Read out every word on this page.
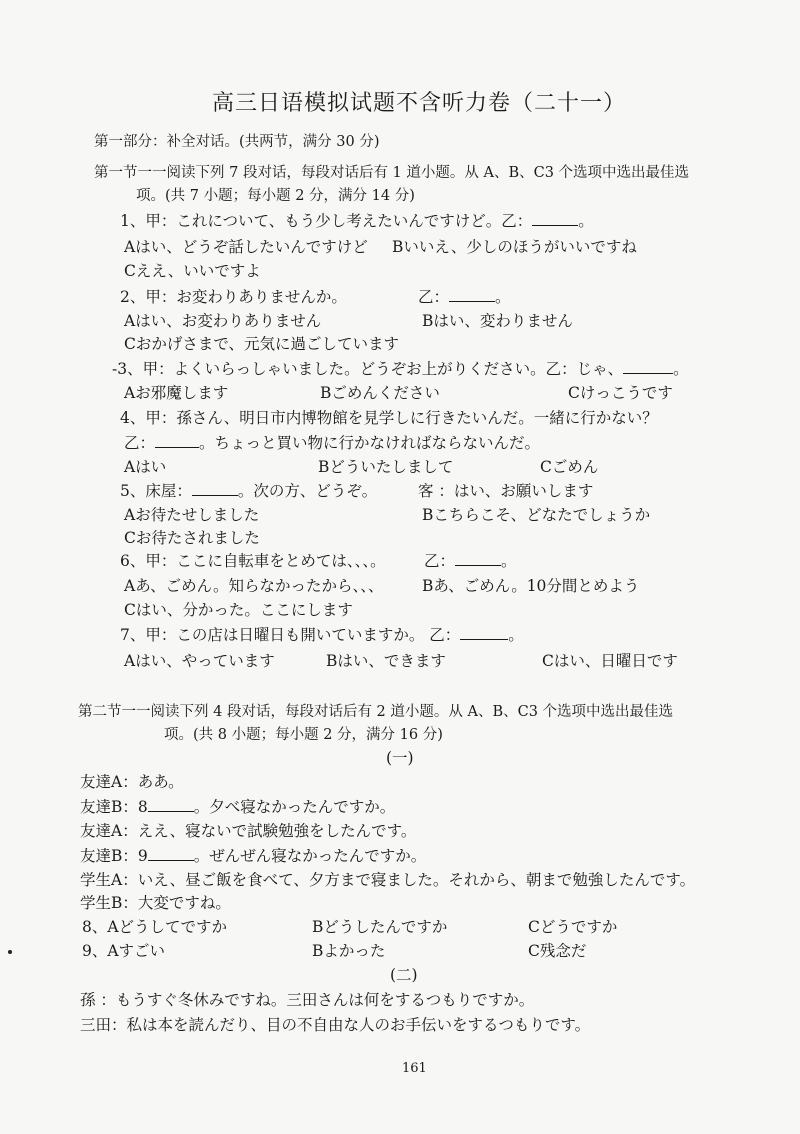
高三日语模拟试题不含听力卷（二十一）
第一部分：补全对话。(共两节，满分 30 分)
第一节一一阅读下列 7 段对话，每段对话后有 1 道小题。从 A、B、C3 个选项中选出最佳选
项。(共 7 小题；每小题 2 分，满分 14 分)
1、甲：これについて、もう少し考えたいんですけど。乙：	。
Aはい、どうぞ話したいんですけど Bいいえ、少しのほうがいいですね
Cええ、いいですよ
2、甲：お変わりありませんか。	乙：	。
Aはい、お変わりありません	Bはい、変わりません
Cおかげさまで、元気に過ごしています
-3、甲：よくいらっしゃいました。どうぞお上がりください。乙：じゃ、	。
Aお邪魔します	Bごめんください	Cけっこうです
4、甲：孫さん、明日市内博物館を見学しに行きたいんだ。一緒に行かない？
乙：	。ちょっと買い物に行かなければならないんだ。
Aはい	Bどういたしまして	Cごめん
5、床屋：	。次の方、どうぞ。	客 ：はい、お願いします
Aお待たせしました	Bこちらこそ、どなたでしょうか
Cお待たされました
6、甲：ここに自転車をとめては、、、。 乙：	。
Aあ、ごめん。知らなかったから、、、 Bあ、ごめん。10分間とめよう
Cはい、分かった。ここにします
7、甲：この店は日曜日も開いていますか。 乙：	。
Aはい、やっています	Bはい、できます	Cはい、日曜日です
第二节一一阅读下列 4 段对话，每段对话后有 2 道小题。从 A、B、C3 个选项中选出最佳选
项。(共 8 小题；每小题 2 分，满分 16 分)
(一)
友達A：ああ。
友達B：8	。夕べ寝なかったんですか。
友達A：ええ、寝ないで試験勉強をしたんです。
友達B：9	。ぜんぜん寝なかったんですか。
学生A：いえ、昼ご飯を食べて、夕方まで寝ました。それから、朝まで勉強したんです。
学生B：大変ですね。
8、Aどうしてですか	Bどうしたんですか	Cどうですか
9、Aすごい	Bよかった	C残念だ
(二)
孫 ：もうすぐ冬休みですね。三田さんは何をするつもりですか。
三田：私は本を読んだり、目の不自由な人のお手伝いをするつもりです。
161
